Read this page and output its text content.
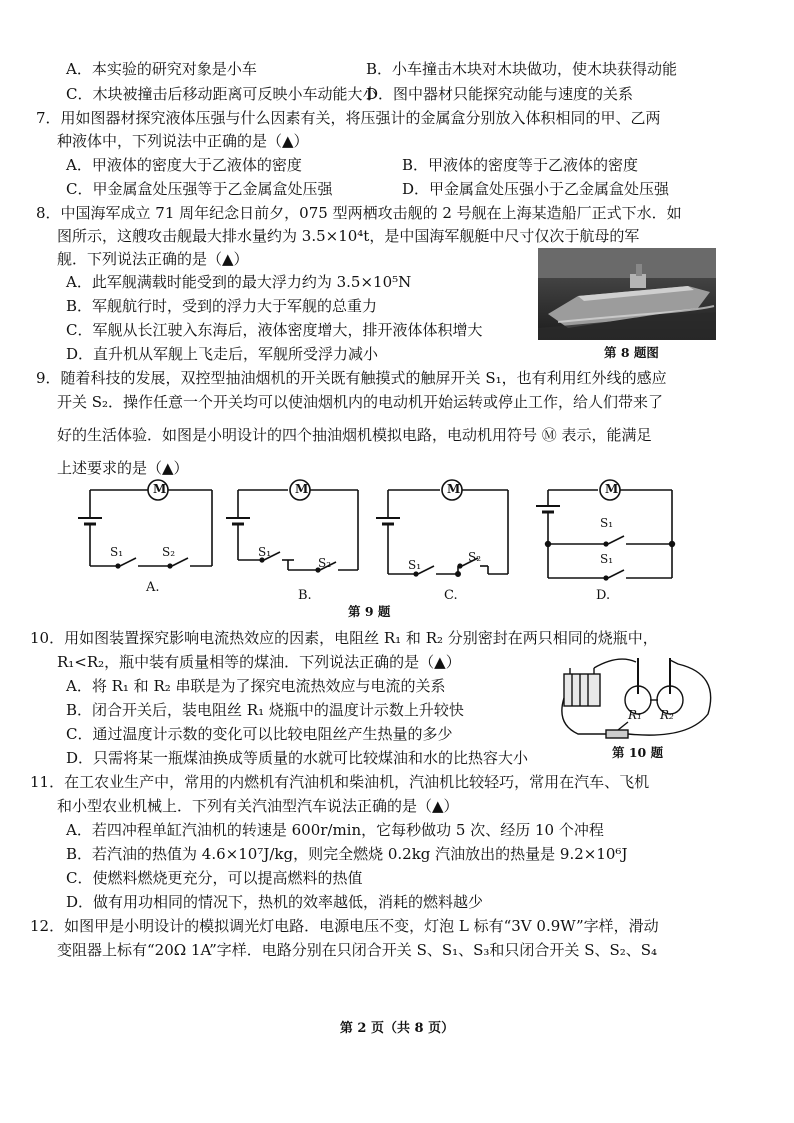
A．本实验的研究对象是小车	B．小车撞击木块对木块做功，使木块获得动能
C．木块被撞击后移动距离可反映小车动能大小
D．图中器材只能探究动能与速度的关系
7．用如图器材探究液体压强与什么因素有关，将压强计的金属盒分别放入体积相同的甲、乙两
种液体中，下列说法中正确的是（▲）
A．甲液体的密度大于乙液体的密度	B．甲液体的密度等于乙液体的密度
C．甲金属盒处压强等于乙金属盒处压强	D．甲金属盒处压强小于乙金属盒处压强
8．中国海军成立 71 周年纪念日前夕，075 型两栖攻击舰的 2 号舰在上海某造船厂正式下水．如
图所示，这艘攻击舰最大排水量约为 3.5×10⁴t，是中国海军舰艇中尺寸仅次于航母的军
舰．下列说法正确的是（▲）
A．此军舰满载时能受到的最大浮力约为 3.5×10⁵N
B．军舰航行时，受到的浮力大于军舰的总重力
C．军舰从长江驶入东海后，液体密度增大，排开液体体积增大
D．直升机从军舰上飞走后，军舰所受浮力减小	第 8 题图
9．随着科技的发展，双控型抽油烟机的开关既有触摸式的触屏开关 S₁，也有利用红外线的感应
开关 S₂．操作任意一个开关均可以使油烟机内的电动机开始运转或停止工作，给人们带来了
好的生活体验．如图是小明设计的四个抽油烟机模拟电路，电动机用符号 Ⓜ 表示，能满足
上述要求的是（▲）
M	M	M	M
S₁	S₂	S₁
S₂	S₁
S₂
S₁
S₁
A.
B.	C.	D.
第 9 题
10．用如图装置探究影响电流热效应的因素，电阻丝 R₁ 和 R₂ 分别密封在两只相同的烧瓶中，
R₁<R₂，瓶中装有质量相等的煤油．下列说法正确的是（▲）
A．将 R₁ 和 R₂ 串联是为了探究电流热效应与电流的关系
B．闭合开关后，装电阻丝 R₁ 烧瓶中的温度计示数上升较快
C．通过温度计示数的变化可以比较电阻丝产生热量的多少
D．只需将某一瓶煤油换成等质量的水就可比较煤油和水的比热容大小
R₁ R₂
第 10 题
11．在工农业生产中，常用的内燃机有汽油机和柴油机，汽油机比较轻巧，常用在汽车、飞机
和小型农业机械上．下列有关汽油型汽车说法正确的是（▲）
A．若四冲程单缸汽油机的转速是 600r/min，它每秒做功 5 次、经历 10 个冲程
B．若汽油的热值为 4.6×10⁷J/kg，则完全燃烧 0.2kg 汽油放出的热量是 9.2×10⁶J
C．使燃料燃烧更充分，可以提高燃料的热值
D．做有用功相同的情况下，热机的效率越低，消耗的燃料越少
12．如图甲是小明设计的模拟调光灯电路．电源电压不变，灯泡 L 标有“3V 0.9W”字样，滑动
变阻器上标有“20Ω 1A”字样．电路分别在只闭合开关 S、S₁、S₃和只闭合开关 S、S₂、S₄
第 2 页（共 8 页）
